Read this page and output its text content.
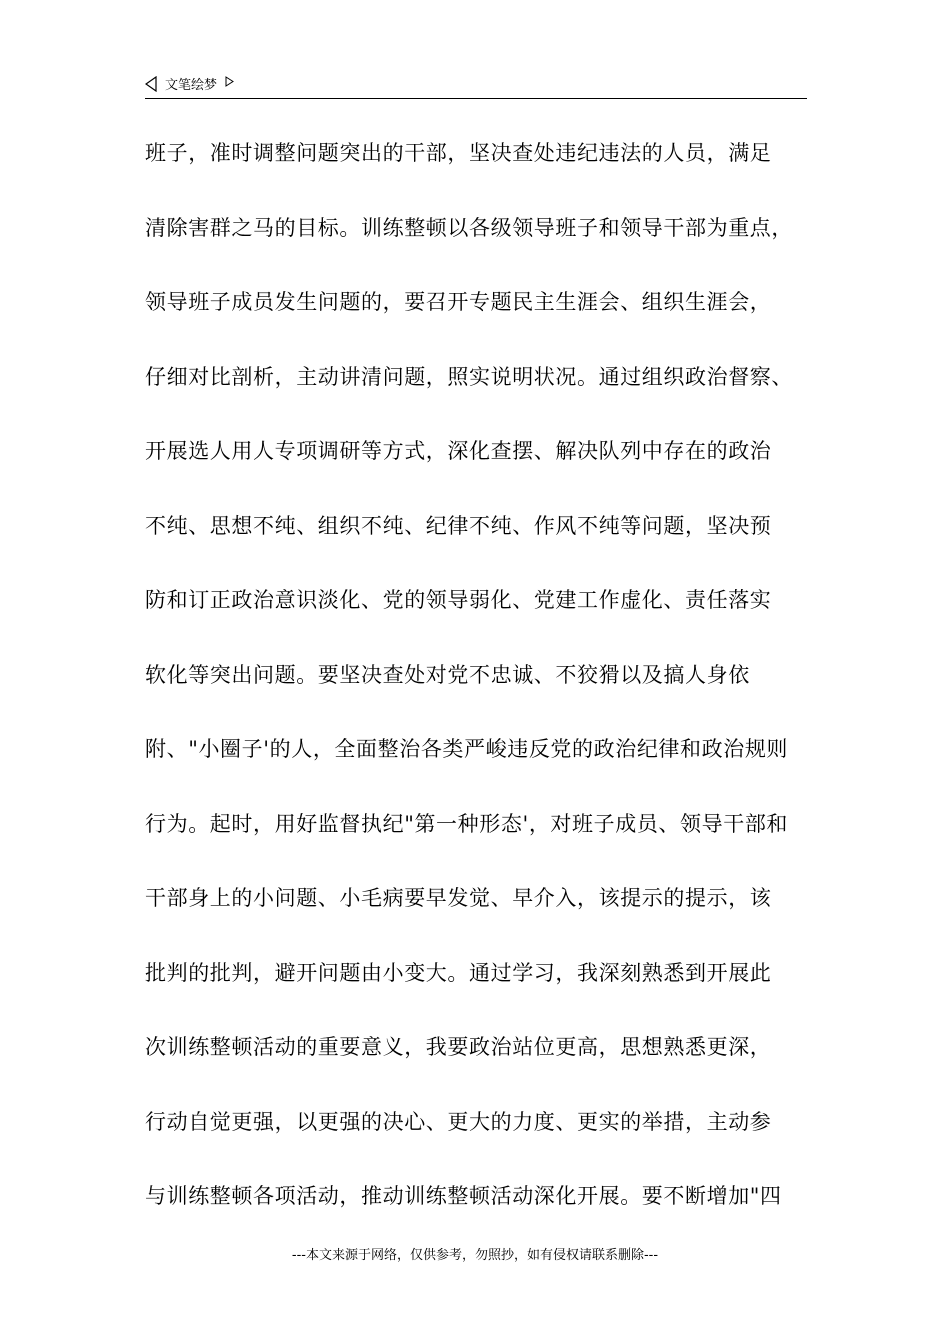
文笔绘梦
班子，准时调整问题突出的干部，坚决查处违纪违法的人员，满足
清除害群之马的目标。训练整顿以各级领导班子和领导干部为重点，
领导班子成员发生问题的，要召开专题民主生涯会、组织生涯会，
仔细对比剖析，主动讲清问题，照实说明状况。通过组织政治督察、
开展选人用人专项调研等方式，深化查摆、解决队列中存在的政治
不纯、思想不纯、组织不纯、纪律不纯、作风不纯等问题，坚决预
防和订正政治意识淡化、党的领导弱化、党建工作虚化、责任落实
软化等突出问题。要坚决查处对党不忠诚、不狡猾以及搞人身依
附、"小圈子'的人，全面整治各类严峻违反党的政治纪律和政治规则
行为。起时，用好监督执纪"第一种形态'，对班子成员、领导干部和
干部身上的小问题、小毛病要早发觉、早介入，该提示的提示，该
批判的批判，避开问题由小变大。通过学习，我深刻熟悉到开展此
次训练整顿活动的重要意义，我要政治站位更高，思想熟悉更深，
行动自觉更强，以更强的决心、更大的力度、更实的举措，主动参
与训练整顿各项活动，推动训练整顿活动深化开展。要不断增加"四
---本文来源于网络，仅供参考，勿照抄，如有侵权请联系删除---
